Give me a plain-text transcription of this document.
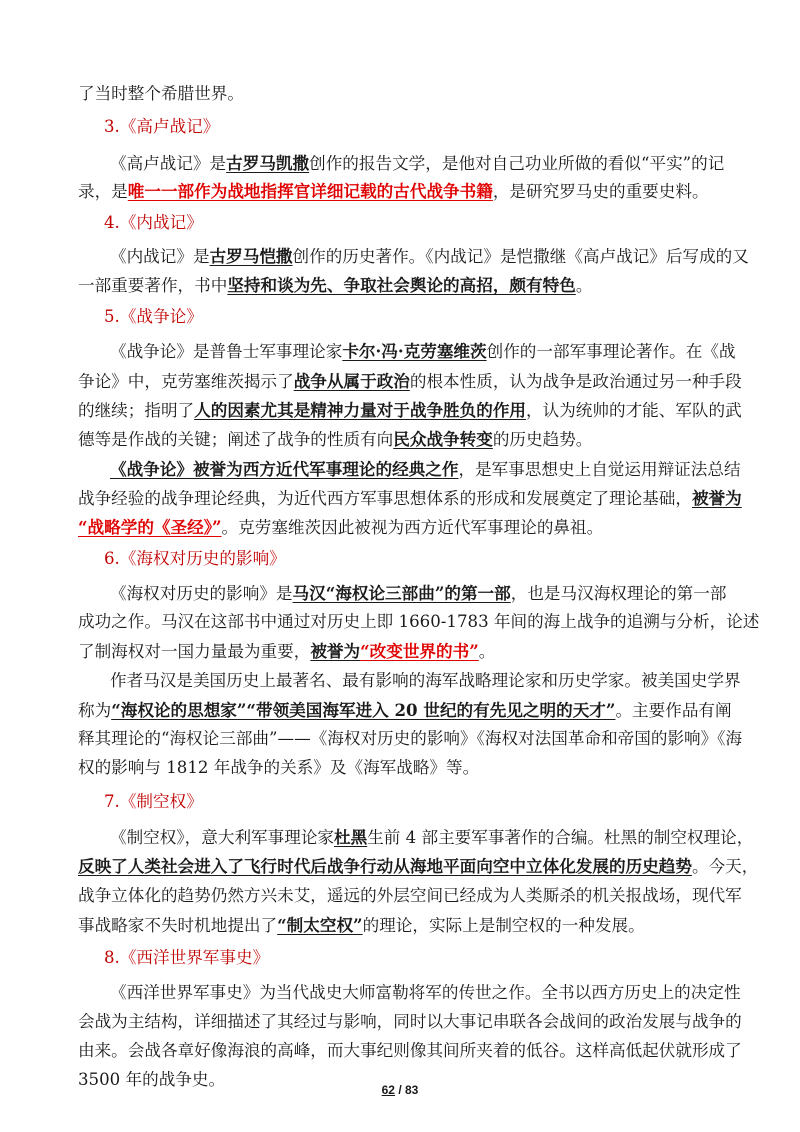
了当时整个希腊世界。
3.《高卢战记》
《高卢战记》是古罗马凯撒创作的报告文学，是他对自己功业所做的看似“平实”的记
录，是唯一一部作为战地指挥官详细记载的古代战争书籍，是研究罗马史的重要史料。
4.《内战记》
《内战记》是古罗马恺撒创作的历史著作。《内战记》是恺撒继《高卢战记》后写成的又
一部重要著作，书中坚持和谈为先、争取社会舆论的高招，颇有特色。
5.《战争论》
《战争论》是普鲁士军事理论家卡尔·冯·克劳塞维茨创作的一部军事理论著作。在《战
争论》中，克劳塞维茨揭示了战争从属于政治的根本性质，认为战争是政治通过另一种手段
的继续；指明了人的因素尤其是精神力量对于战争胜负的作用，认为统帅的才能、军队的武
德等是作战的关键；阐述了战争的性质有向民众战争转变的历史趋势。
《战争论》被誉为西方近代军事理论的经典之作，是军事思想史上自觉运用辩证法总结
战争经验的战争理论经典，为近代西方军事思想体系的形成和发展奠定了理论基础，被誉为
“战略学的《圣经》”。克劳塞维茨因此被视为西方近代军事理论的鼻祖。
6.《海权对历史的影响》
《海权对历史的影响》是马汉“海权论三部曲”的第一部，也是马汉海权理论的第一部
成功之作。马汉在这部书中通过对历史上即 1660-1783 年间的海上战争的追溯与分析，论述
了制海权对一国力量最为重要，被誉为“改变世界的书”。
作者马汉是美国历史上最著名、最有影响的海军战略理论家和历史学家。被美国史学界
称为“海权论的思想家”“带领美国海军进入 20 世纪的有先见之明的天才”。主要作品有阐
释其理论的“海权论三部曲”——《海权对历史的影响》《海权对法国革命和帝国的影响》《海
权的影响与 1812 年战争的关系》及《海军战略》等。
7.《制空权》
《制空权》，意大利军事理论家杜黑生前 4 部主要军事著作的合编。杜黑的制空权理论，
反映了人类社会进入了飞行时代后战争行动从海地平面向空中立体化发展的历史趋势。今天，
战争立体化的趋势仍然方兴未艾，遥远的外层空间已经成为人类厮杀的机关报战场，现代军
事战略家不失时机地提出了“制太空权”的理论，实际上是制空权的一种发展。
8.《西洋世界军事史》
《西洋世界军事史》为当代战史大师富勒将军的传世之作。全书以西方历史上的决定性
会战为主结构，详细描述了其经过与影响，同时以大事记串联各会战间的政治发展与战争的
由来。会战各章好像海浪的高峰，而大事纪则像其间所夹着的低谷。这样高低起伏就形成了
3500 年的战争史。
62 / 83
